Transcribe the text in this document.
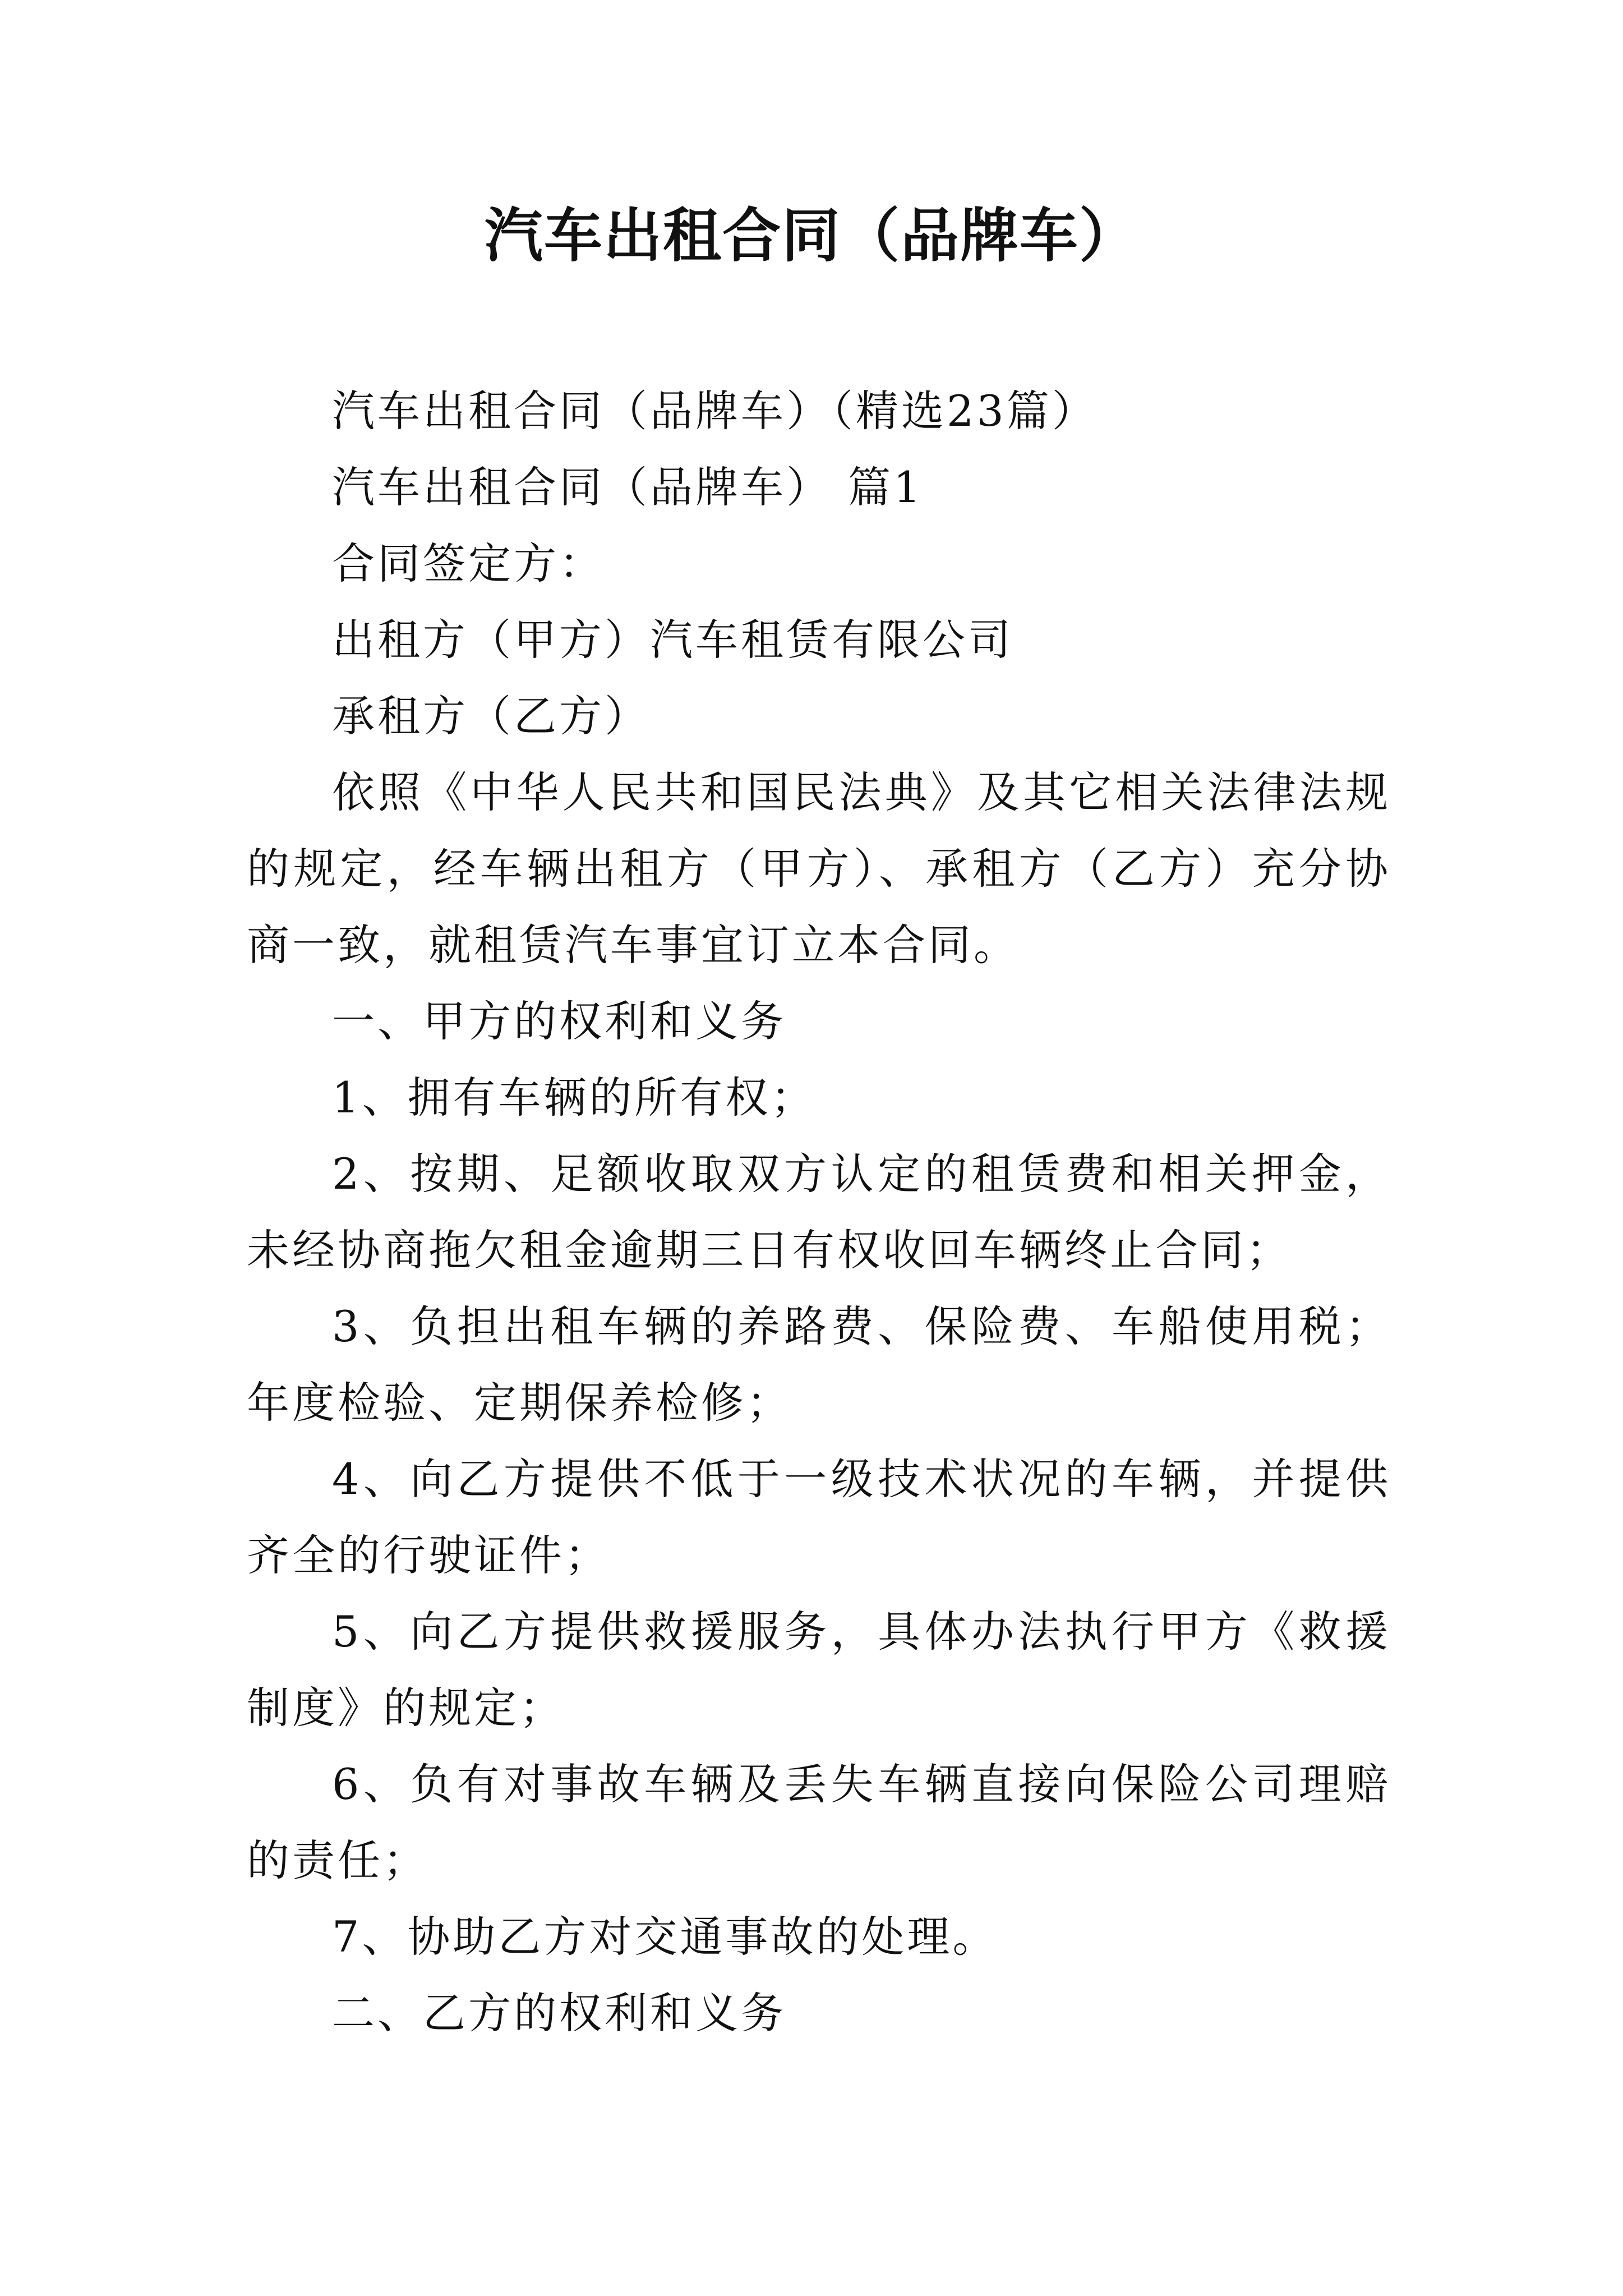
汽车出租合同（品牌车）

汽车出租合同（品牌车）（精选23篇）

汽车出租合同（品牌车） 篇1

合同签定方：

出租方（甲方）汽车租赁有限公司

承租方（乙方）

依照《中华人民共和国民法典》及其它相关法律法规的规定，经车辆出租方（甲方）、承租方（乙方）充分协商一致，就租赁汽车事宜订立本合同。

一、甲方的权利和义务

1、拥有车辆的所有权；

2、按期、足额收取双方认定的租赁费和相关押金，未经协商拖欠租金逾期三日有权收回车辆终止合同；

3、负担出租车辆的养路费、保险费、车船使用税；年度检验、定期保养检修；

4、向乙方提供不低于一级技术状况的车辆，并提供齐全的行驶证件；

5、向乙方提供救援服务，具体办法执行甲方《救援制度》的规定；

6、负有对事故车辆及丢失车辆直接向保险公司理赔的责任；

7、协助乙方对交通事故的处理。

二、乙方的权利和义务
